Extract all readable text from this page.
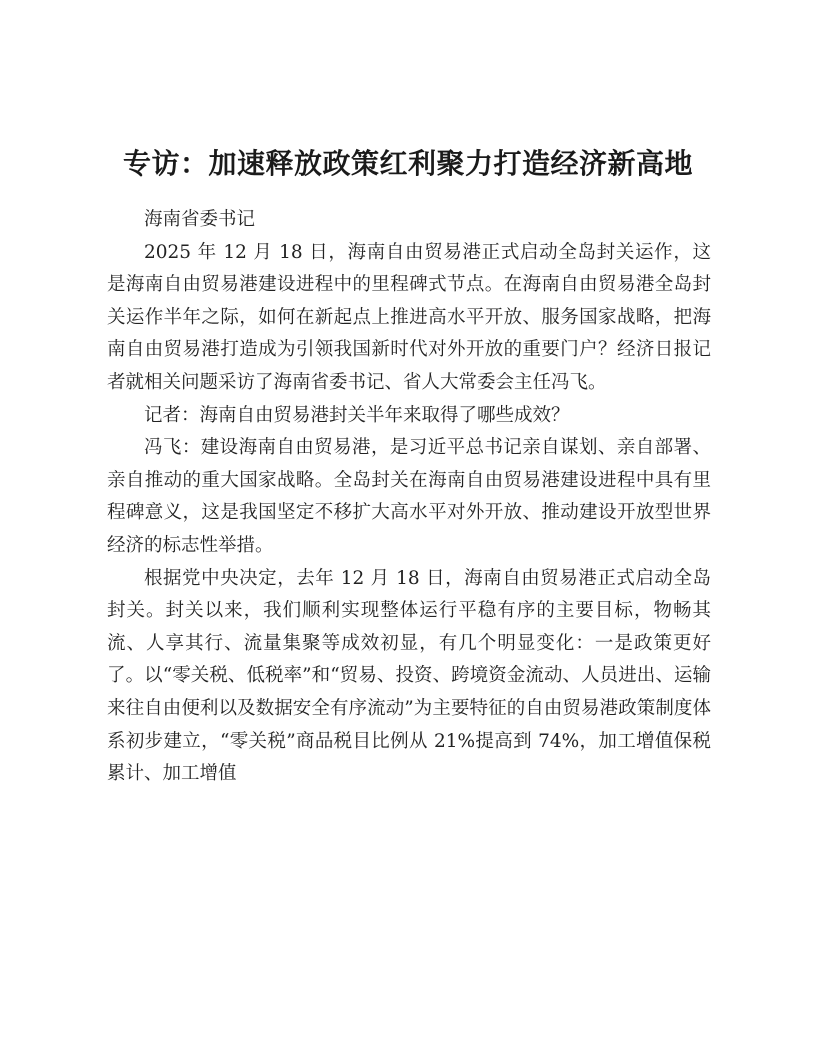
专访：加速释放政策红利聚力打造经济新高地

海南省委书记

2025 年 12 月 18 日，海南自由贸易港正式启动全岛封关运作，这是海南自由贸易港建设进程中的里程碑式节点。在海南自由贸易港全岛封关运作半年之际，如何在新起点上推进高水平开放、服务国家战略，把海南自由贸易港打造成为引领我国新时代对外开放的重要门户？经济日报记者就相关问题采访了海南省委书记、省人大常委会主任冯飞。

记者：海南自由贸易港封关半年来取得了哪些成效？

冯飞：建设海南自由贸易港，是习近平总书记亲自谋划、亲自部署、亲自推动的重大国家战略。全岛封关在海南自由贸易港建设进程中具有里程碑意义，这是我国坚定不移扩大高水平对外开放、推动建设开放型世界经济的标志性举措。

根据党中央决定，去年 12 月 18 日，海南自由贸易港正式启动全岛封关。封关以来，我们顺利实现整体运行平稳有序的主要目标，物畅其流、人享其行、流量集聚等成效初显，有几个明显变化：一是政策更好了。以“零关税、低税率”和“贸易、投资、跨境资金流动、人员进出、运输来往自由便利以及数据安全有序流动”为主要特征的自由贸易港政策制度体系初步建立，“零关税”商品税目比例从 21%提高到 74%，加工增值保税累计、加工增值
